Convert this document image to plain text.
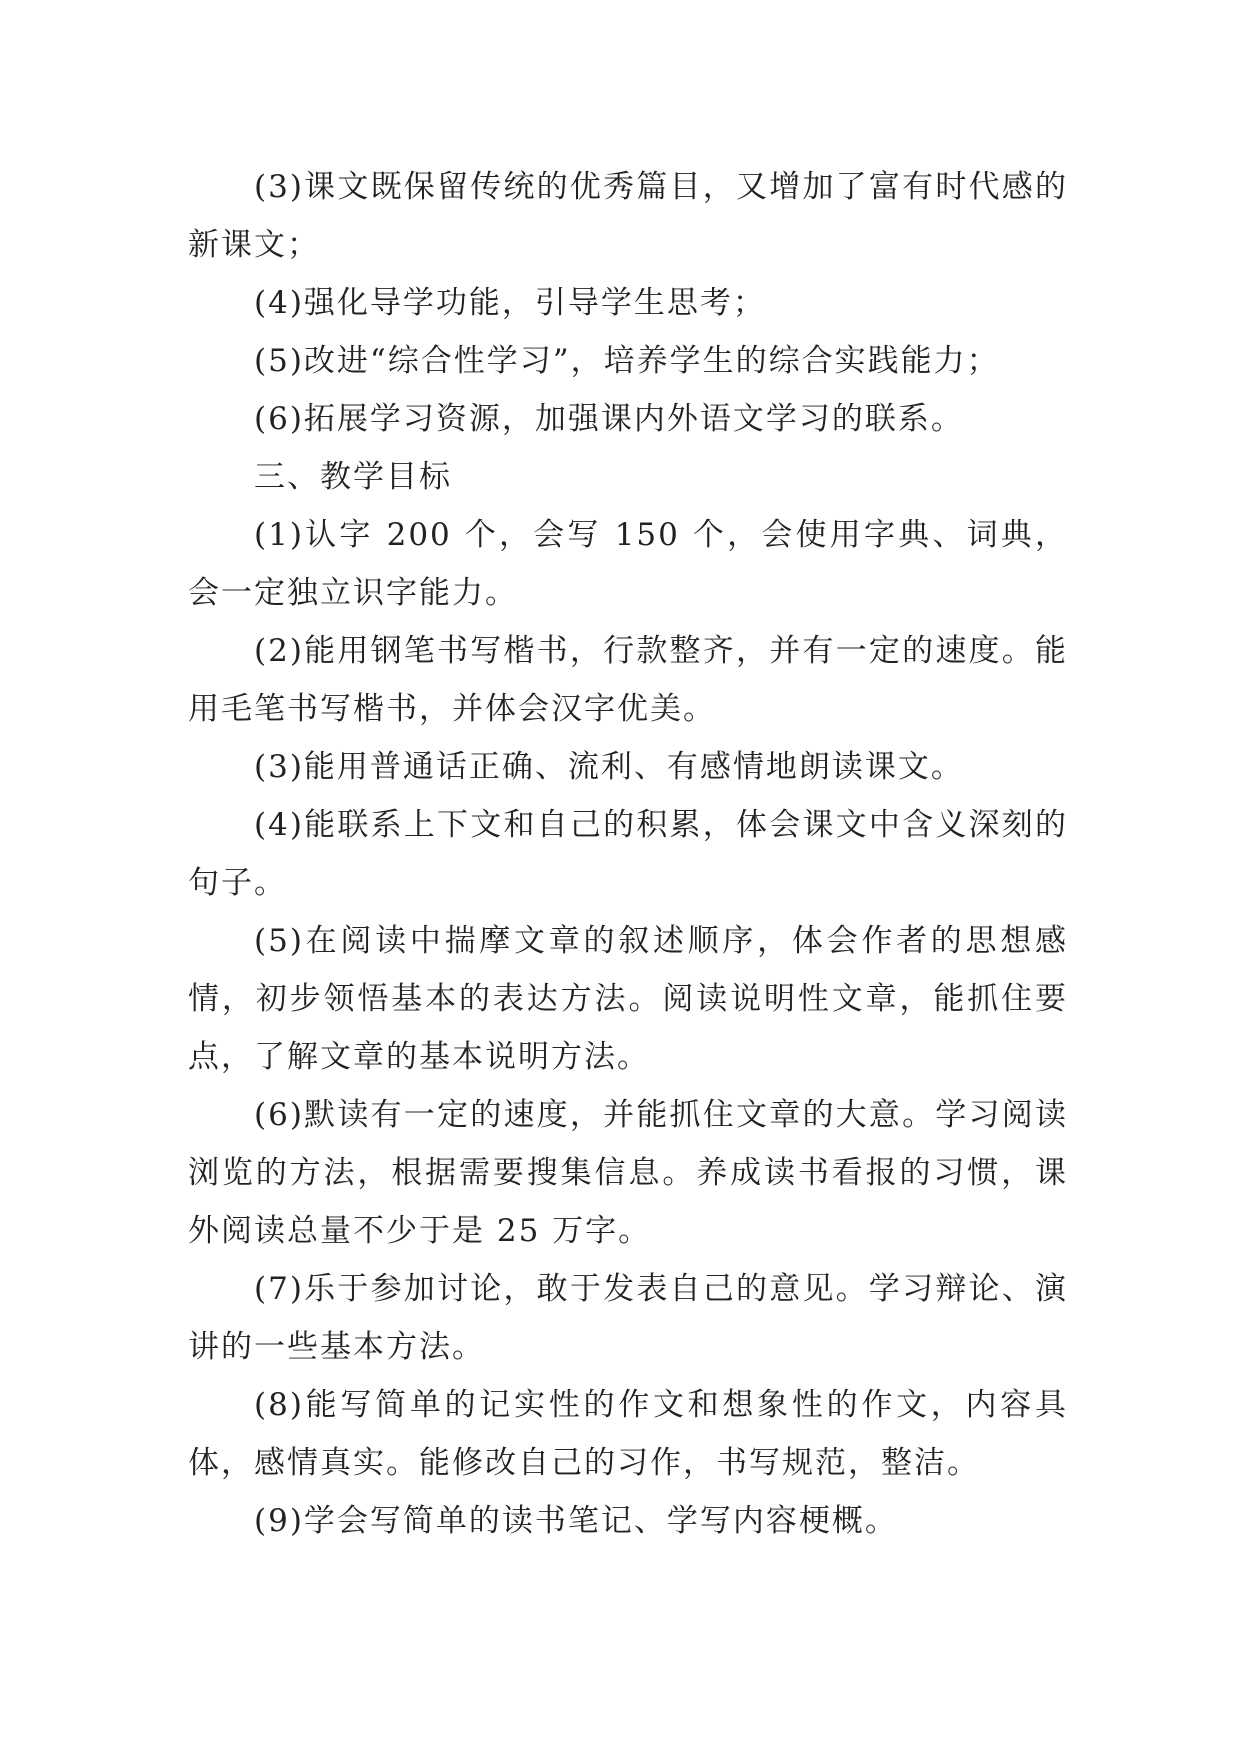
(3)课文既保留传统的优秀篇目，又增加了富有时代感的新课文；

(4)强化导学功能，引导学生思考；

(5)改进“综合性学习”，培养学生的综合实践能力；

(6)拓展学习资源，加强课内外语文学习的联系。

三、教学目标

(1)认字 200 个，会写 150 个，会使用字典、词典，会一定独立识字能力。

(2)能用钢笔书写楷书，行款整齐，并有一定的速度。能用毛笔书写楷书，并体会汉字优美。

(3)能用普通话正确、流利、有感情地朗读课文。

(4)能联系上下文和自己的积累，体会课文中含义深刻的句子。

(5)在阅读中揣摩文章的叙述顺序，体会作者的思想感情，初步领悟基本的表达方法。阅读说明性文章，能抓住要点，了解文章的基本说明方法。

(6)默读有一定的速度，并能抓住文章的大意。学习阅读浏览的方法，根据需要搜集信息。养成读书看报的习惯，课外阅读总量不少于是 25 万字。

(7)乐于参加讨论，敢于发表自己的意见。学习辩论、演讲的一些基本方法。

(8)能写简单的记实性的作文和想象性的作文，内容具体，感情真实。能修改自己的习作，书写规范，整洁。

(9)学会写简单的读书笔记、学写内容梗概。
